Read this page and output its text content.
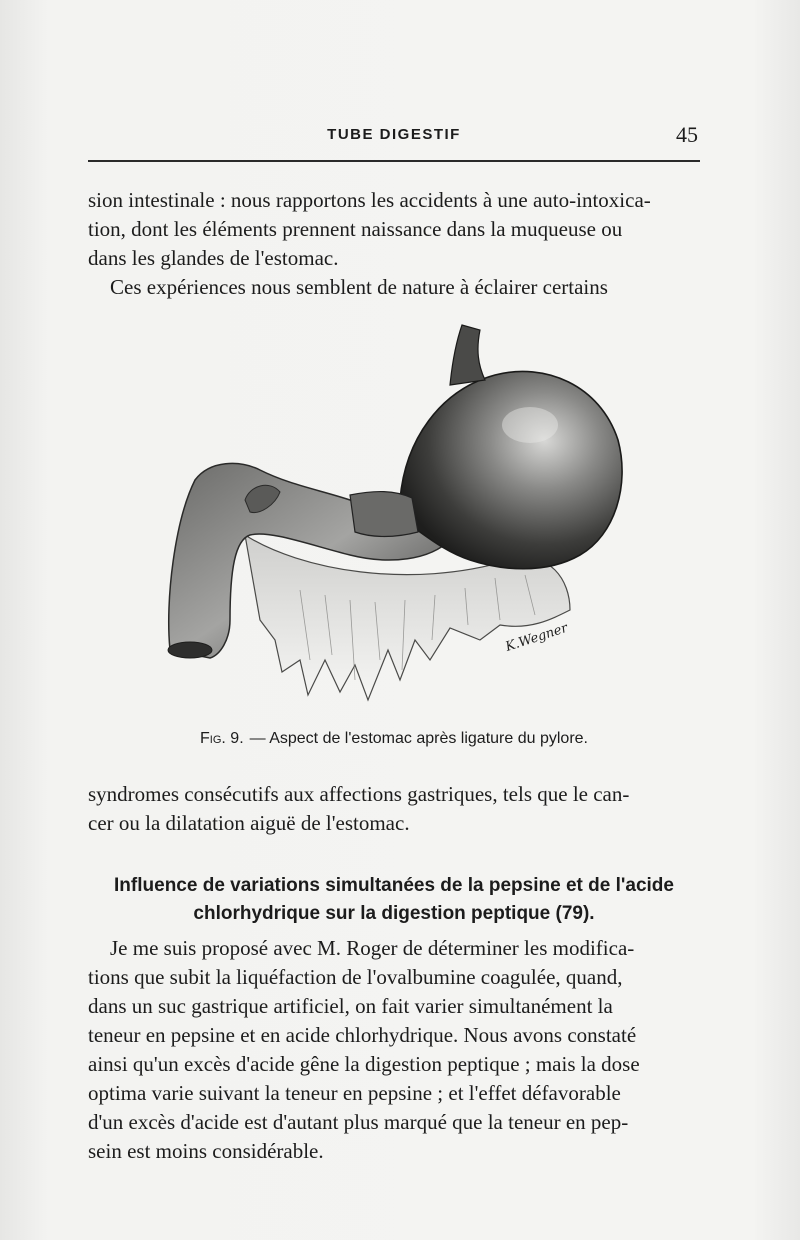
TUBE DIGESTIF	45

sion intestinale : nous rapportons les accidents à une auto-intoxica-

tion, dont les éléments prennent naissance dans la muqueuse ou

dans les glandes de l'estomac.

Ces expériences nous semblent de nature à éclairer certains

K.Wegner
Fig. 9. — Aspect de l'estomac après ligature du pylore.

syndromes consécutifs aux affections gastriques, tels que le can-

cer ou la dilatation aiguë de l'estomac.

Influence de variations simultanées de la pepsine et de l'acide
chlorhydrique sur la digestion peptique (79).

Je me suis proposé avec M. Roger de déterminer les modifica-

tions que subit la liquéfaction de l'ovalbumine coagulée, quand,

dans un suc gastrique artificiel, on fait varier simultanément la

teneur en pepsine et en acide chlorhydrique. Nous avons constaté

ainsi qu'un excès d'acide gêne la digestion peptique ; mais la dose

optima varie suivant la teneur en pepsine ; et l'effet défavorable

d'un excès d'acide est d'autant plus marqué que la teneur en pep-

sein est moins considérable.
